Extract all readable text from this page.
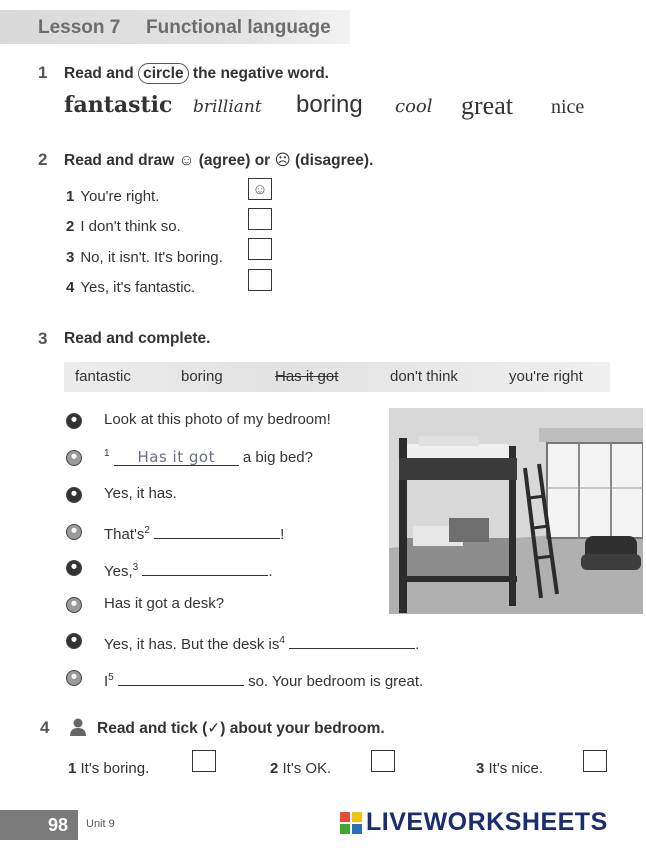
Lesson 7 Functional language
1 Read and circle the negative word.
fantastic brilliant boring cool great nice
2 Read and draw ☺ (agree) or ☹ (disagree).
1 You're right.	☺
2 I don't think so.
3 No, it isn't. It's boring.
4 Yes, it's fantastic.
3 Read and complete.
fantastic	boring	Has it got	don't think	you're right
Look at this photo of my bedroom!
$^1$ Has it got a big bed?
Yes, it has.
$That's^2$	!
Yes,$^3$	.
Has it got a desk?
Yes, it has. But the desk $is^4$	.
$I^5$	so. Your bedroom is great.
4	Read and tick (✓) about your bedroom.
1 It's boring.	2 It's OK.	3 It's nice.
98	Unit 9	LIVEWORKSHEETS
